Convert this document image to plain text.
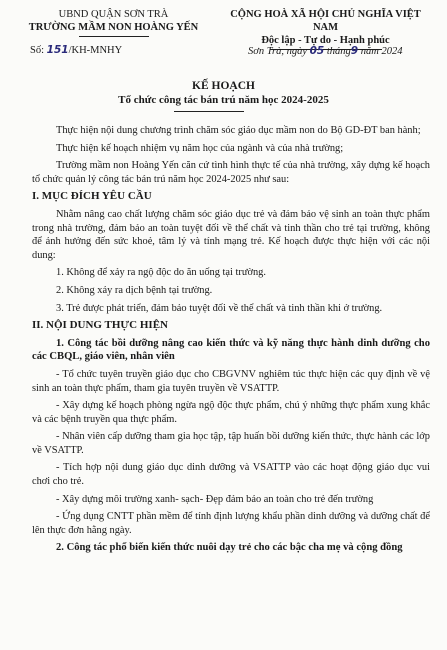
UBND QUẬN SƠN TRÀ
TRƯỜNG MẦM NON HOÀNG YẾN
CỘNG HOÀ XÃ HỘI CHỦ NGHĨA VIỆT NAM
Độc lập - Tự do - Hạnh phúc
Số: 151/KH-MNHY	Sơn Trà, ngày 05 tháng9 năm 2024
KẾ HOẠCH
Tổ chức công tác bán trú năm học 2024-2025

Thực hiện nội dung chương trình chăm sóc giáo dục mầm non do Bộ GD-ĐT ban hành;

Thực hiện kế hoạch nhiệm vụ năm học của ngành và của nhà trường;

Trường mầm non Hoàng Yến căn cứ tình hình thực tế của nhà trường, xây dựng kế hoạch tổ chức quản lý công tác bán trú năm học 2024-2025 như sau:

I. MỤC ĐÍCH YÊU CẦU

Nhằm nâng cao chất lượng chăm sóc giáo dục trẻ và đảm bảo vệ sinh an toàn thực phẩm trong nhà trường, đảm bảo an toàn tuyệt đối về thể chất và tinh thần cho trẻ tại trường, không để ảnh hưởng đến sức khoẻ, tâm lý và tính mạng trẻ. Kế hoạch được thực hiện với các nội dung:

1. Không để xảy ra ngộ độc do ăn uống tại trường.

2. Không xảy ra dịch bệnh tại trường.

3. Trẻ được phát triển, đảm bảo tuyệt đối về thể chất và tinh thần khi ở trường.

II. NỘI DUNG THỰC HIỆN

1. Công tác bồi dưỡng nâng cao kiến thức và kỹ năng thực hành dinh dưỡng cho các CBQL, giáo viên, nhân viên

- Tổ chức tuyên truyền giáo dục cho CBGVNV nghiêm túc thực hiện các quy định về vệ sinh an toàn thực phẩm, tham gia tuyên truyền về VSATTP.

- Xây dựng kế hoạch phòng ngừa ngộ độc thực phẩm, chú ý những thực phẩm xung khắc và các bệnh truyền qua thực phẩm.

- Nhân viên cấp dưỡng tham gia học tập, tập huấn bồi dưỡng kiến thức, thực hành các lớp về VSATTP.

- Tích hợp nội dung giáo dục dinh dưỡng và VSATTP vào các hoạt động giáo dục vui chơi cho trẻ.

- Xây dựng môi trường xanh- sạch- Đẹp đảm bảo an toàn cho trẻ đến trường

- Ứng dụng CNTT phần mềm để tính định lượng khẩu phần dinh dưỡng và dưỡng chất để lên thực đơn hằng ngày.

2. Công tác phổ biến kiến thức nuôi dạy trẻ cho các bậc cha mẹ và cộng đồng
